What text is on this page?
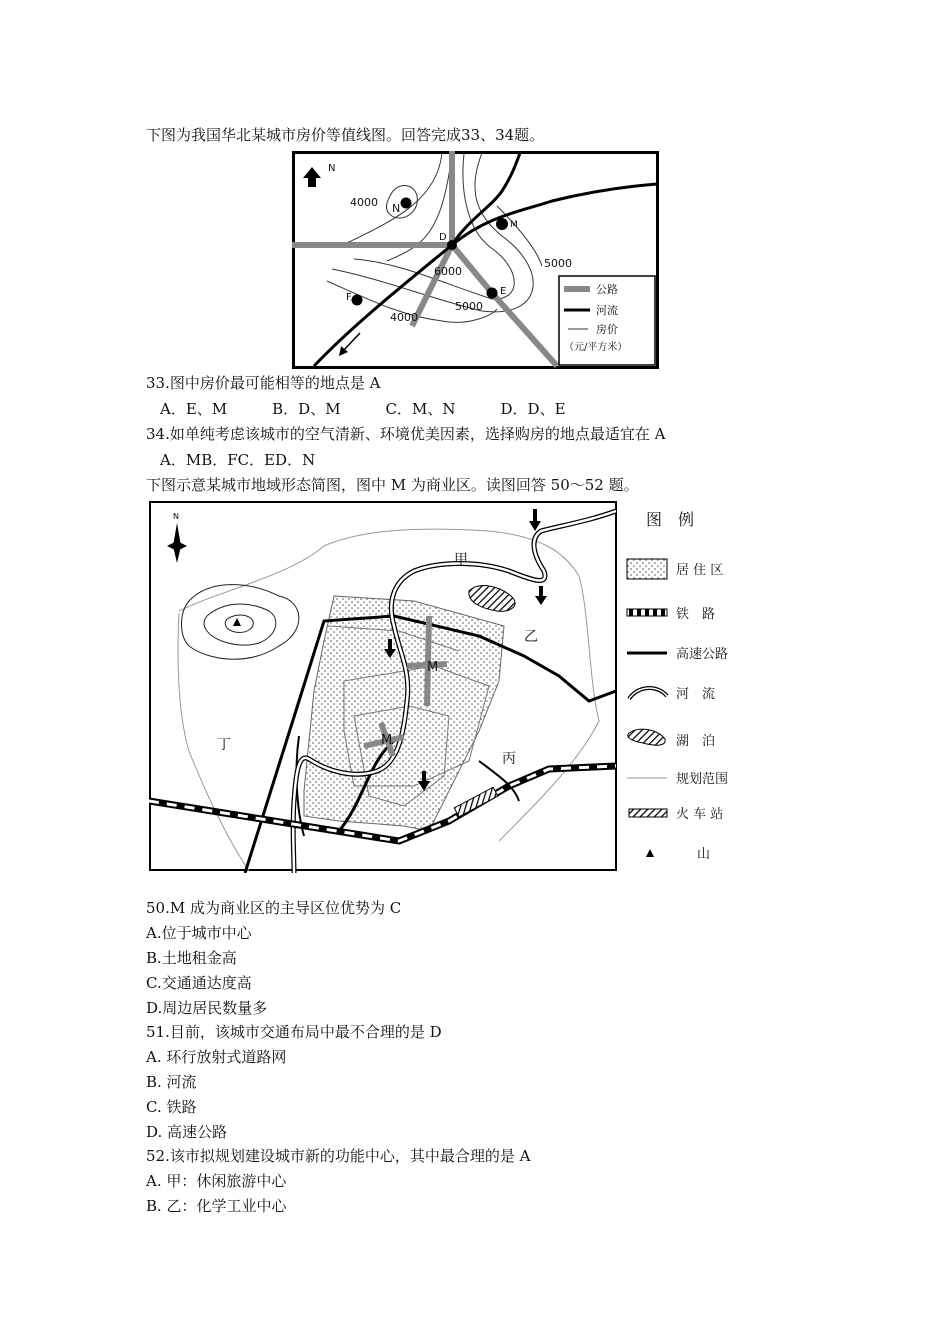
下图为我国华北某城市房价等值线图。回答完成33、34题。
N
N
M
D
E
F
4000
6000
5000
5000
4000
公路
河流
房价
（元/平方米）
33.图中房价最可能相等的地点是 A
A．E、M　　　B．D、M　　　C．M、N　　　D．D、E
34.如单纯考虑该城市的空气清新、环境优美因素，选择购房的地点最适宜在 A
A．MB．FC．ED．N
下图示意某城市地域形态简图，图中 M 为商业区。读图回答 50～52 题。
N
M
M
甲
乙
丙
丁
图　例
居 住 区
铁　路
高速公路
河　流
湖　泊
规划范围
火 车 站
山
50.M 成为商业区的主导区位优势为 C
A.位于城市中心
B.土地租金高
C.交通通达度高
D.周边居民数量多
51.目前，该城市交通布局中最不合理的是 D
A. 环行放射式道路网
B. 河流
C. 铁路
D. 高速公路
52.该市拟规划建设城市新的功能中心，其中最合理的是 A
A. 甲：休闲旅游中心
B. 乙：化学工业中心
